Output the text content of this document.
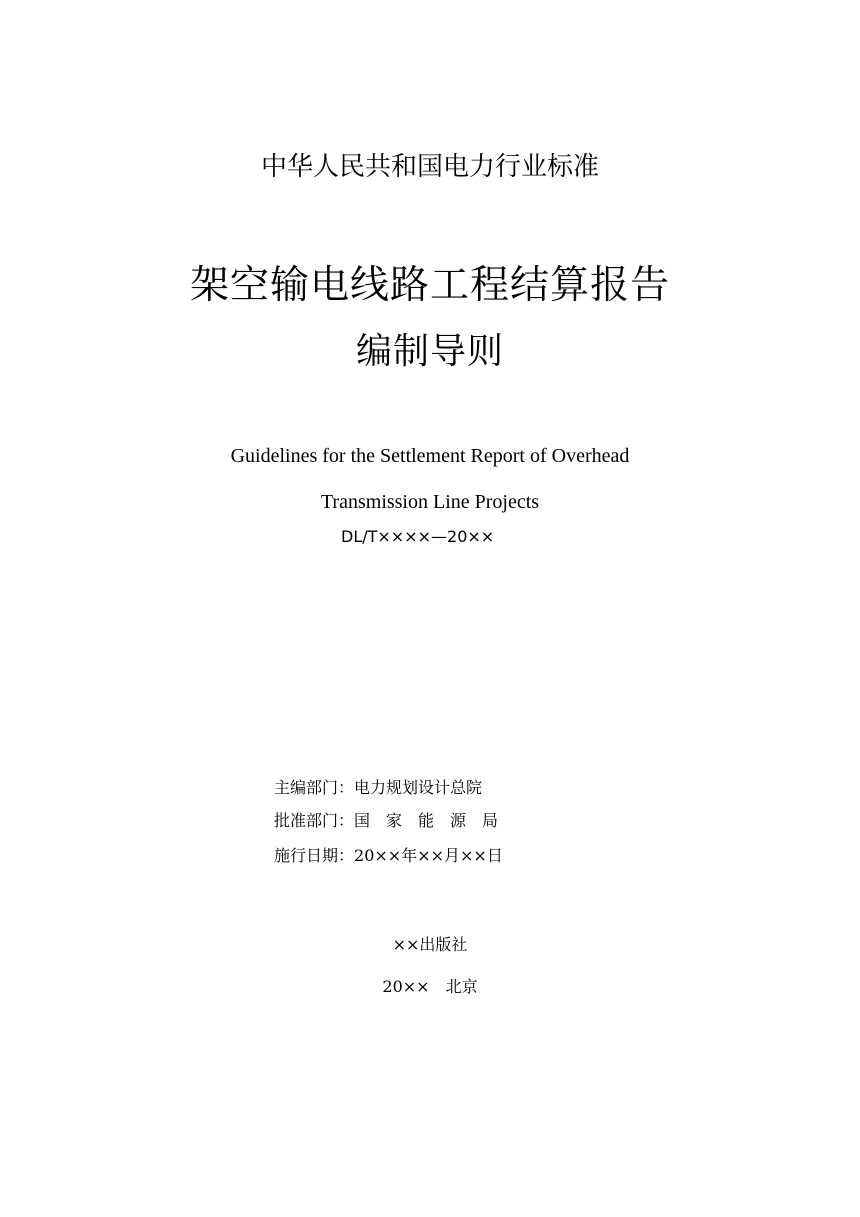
中华人民共和国电力行业标准
架空输电线路工程结算报告
编制导则
Guidelines for the Settlement Report of Overhead
Transmission Line Projects
DL/T××××—20××
主编部门：电力规划设计总院
批准部门：国　家　能　源　局
施行日期：20××年××月××日
××出版社
20××　北京
